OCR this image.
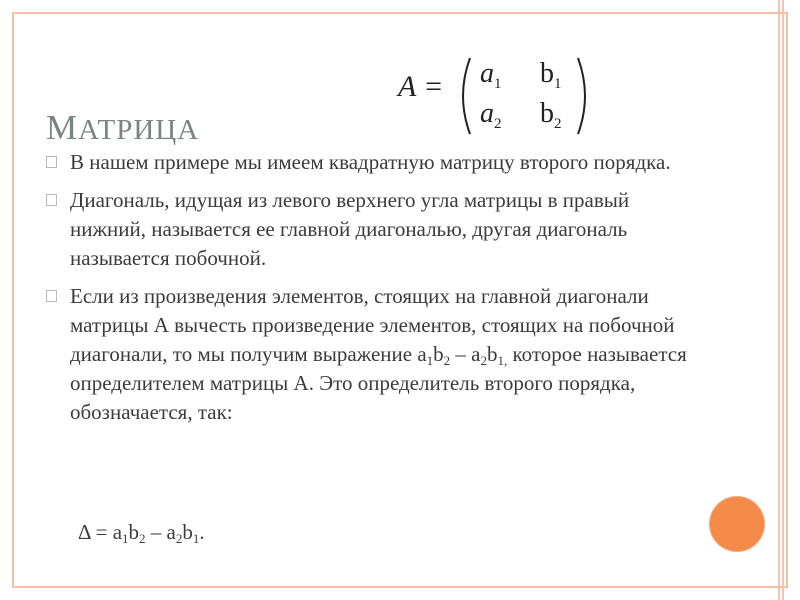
МАТРИЦА
$A = a_1$ $b_1$
$a_2$ $b_2$
В нашем примере мы имеем квадратную матрицу второго порядка.
Диагональ, идущая из левого верхнего угла матрицы в правый нижний, называется ее главной диагональю, другая диагональ называется побочной.
Если из произведения элементов, стоящих на главной диагонали матрицы А вычесть произведение элементов, стоящих на побочной диагонали, то мы получим выражение $a_1b_2 - a_2b_{1,}$ которое называется определителем матрицы А. Это определитель второго порядка, обозначается, так:
$\Delta = a_1b_2 - a_2b_1$.
